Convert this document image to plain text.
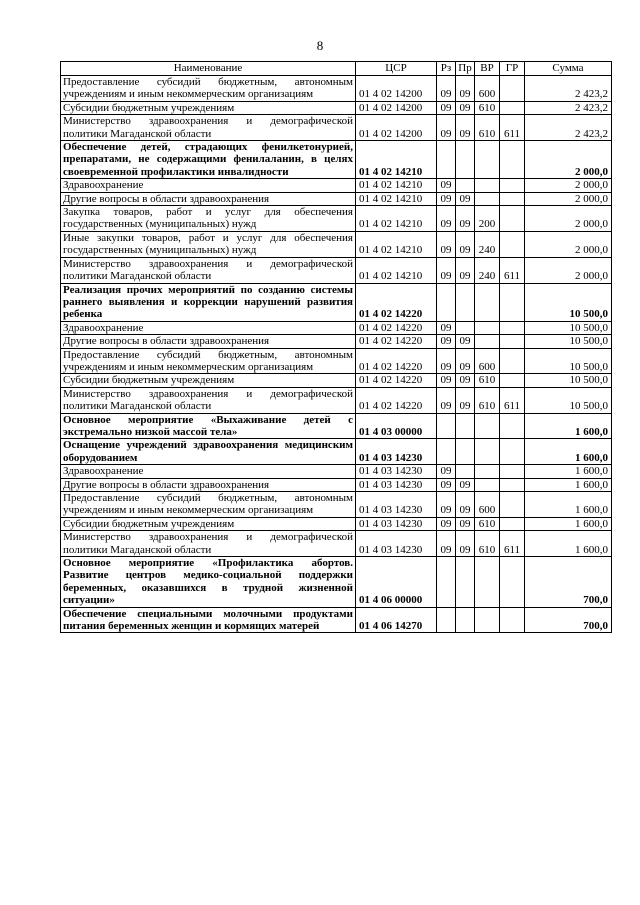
8
Наименование	ЦСР	Рз	Пр	ВР	ГР	Сумма
Предоставление субсидий бюджетным, автономным учреждениям и иным некоммерческим организациям	01 4 02 14200	09	09	600		2 423,2
Субсидии бюджетным учреждениям	01 4 02 14200	09	09	610		2 423,2
Министерство здравоохранения и демографической политики Магаданской области	01 4 02 14200	09	09	610	611	2 423,2
Обеспечение детей, страдающих фенилкетонурией, препаратами, не содержащими фенилаланин, в целях своевременной профилактики инвалидности	01 4 02 14210					2 000,0
Здравоохранение	01 4 02 14210	09				2 000,0
Другие вопросы в области здравоохранения	01 4 02 14210	09	09			2 000,0
Закупка товаров, работ и услуг для обеспечения государственных (муниципальных) нужд	01 4 02 14210	09	09	200		2 000,0
Иные закупки товаров, работ и услуг для обеспечения государственных (муниципальных) нужд	01 4 02 14210	09	09	240		2 000,0
Министерство здравоохранения и демографической политики Магаданской области	01 4 02 14210	09	09	240	611	2 000,0
Реализация прочих мероприятий по созданию системы раннего выявления и коррекции нарушений развития ребенка	01 4 02 14220					10 500,0
Здравоохранение	01 4 02 14220	09				10 500,0
Другие вопросы в области здравоохранения	01 4 02 14220	09	09			10 500,0
Предоставление субсидий бюджетным, автономным учреждениям и иным некоммерческим организациям	01 4 02 14220	09	09	600		10 500,0
Субсидии бюджетным учреждениям	01 4 02 14220	09	09	610		10 500,0
Министерство здравоохранения и демографической политики Магаданской области	01 4 02 14220	09	09	610	611	10 500,0
Основное мероприятие «Выхаживание детей с экстремально низкой массой тела»	01 4 03 00000					1 600,0
Оснащение учреждений здравоохранения медицинским оборудованием	01 4 03 14230					1 600,0
Здравоохранение	01 4 03 14230	09				1 600,0
Другие вопросы в области здравоохранения	01 4 03 14230	09	09			1 600,0
Предоставление субсидий бюджетным, автономным учреждениям и иным некоммерческим организациям	01 4 03 14230	09	09	600		1 600,0
Субсидии бюджетным учреждениям	01 4 03 14230	09	09	610		1 600,0
Министерство здравоохранения и демографической политики Магаданской области	01 4 03 14230	09	09	610	611	1 600,0
Основное мероприятие «Профилактика абортов. Развитие центров медико-социальной поддержки беременных, оказавшихся в трудной жизненной ситуации»	01 4 06 00000					700,0
Обеспечение специальными молочными продуктами питания беременных женщин и кормящих матерей	01 4 06 14270					700,0
